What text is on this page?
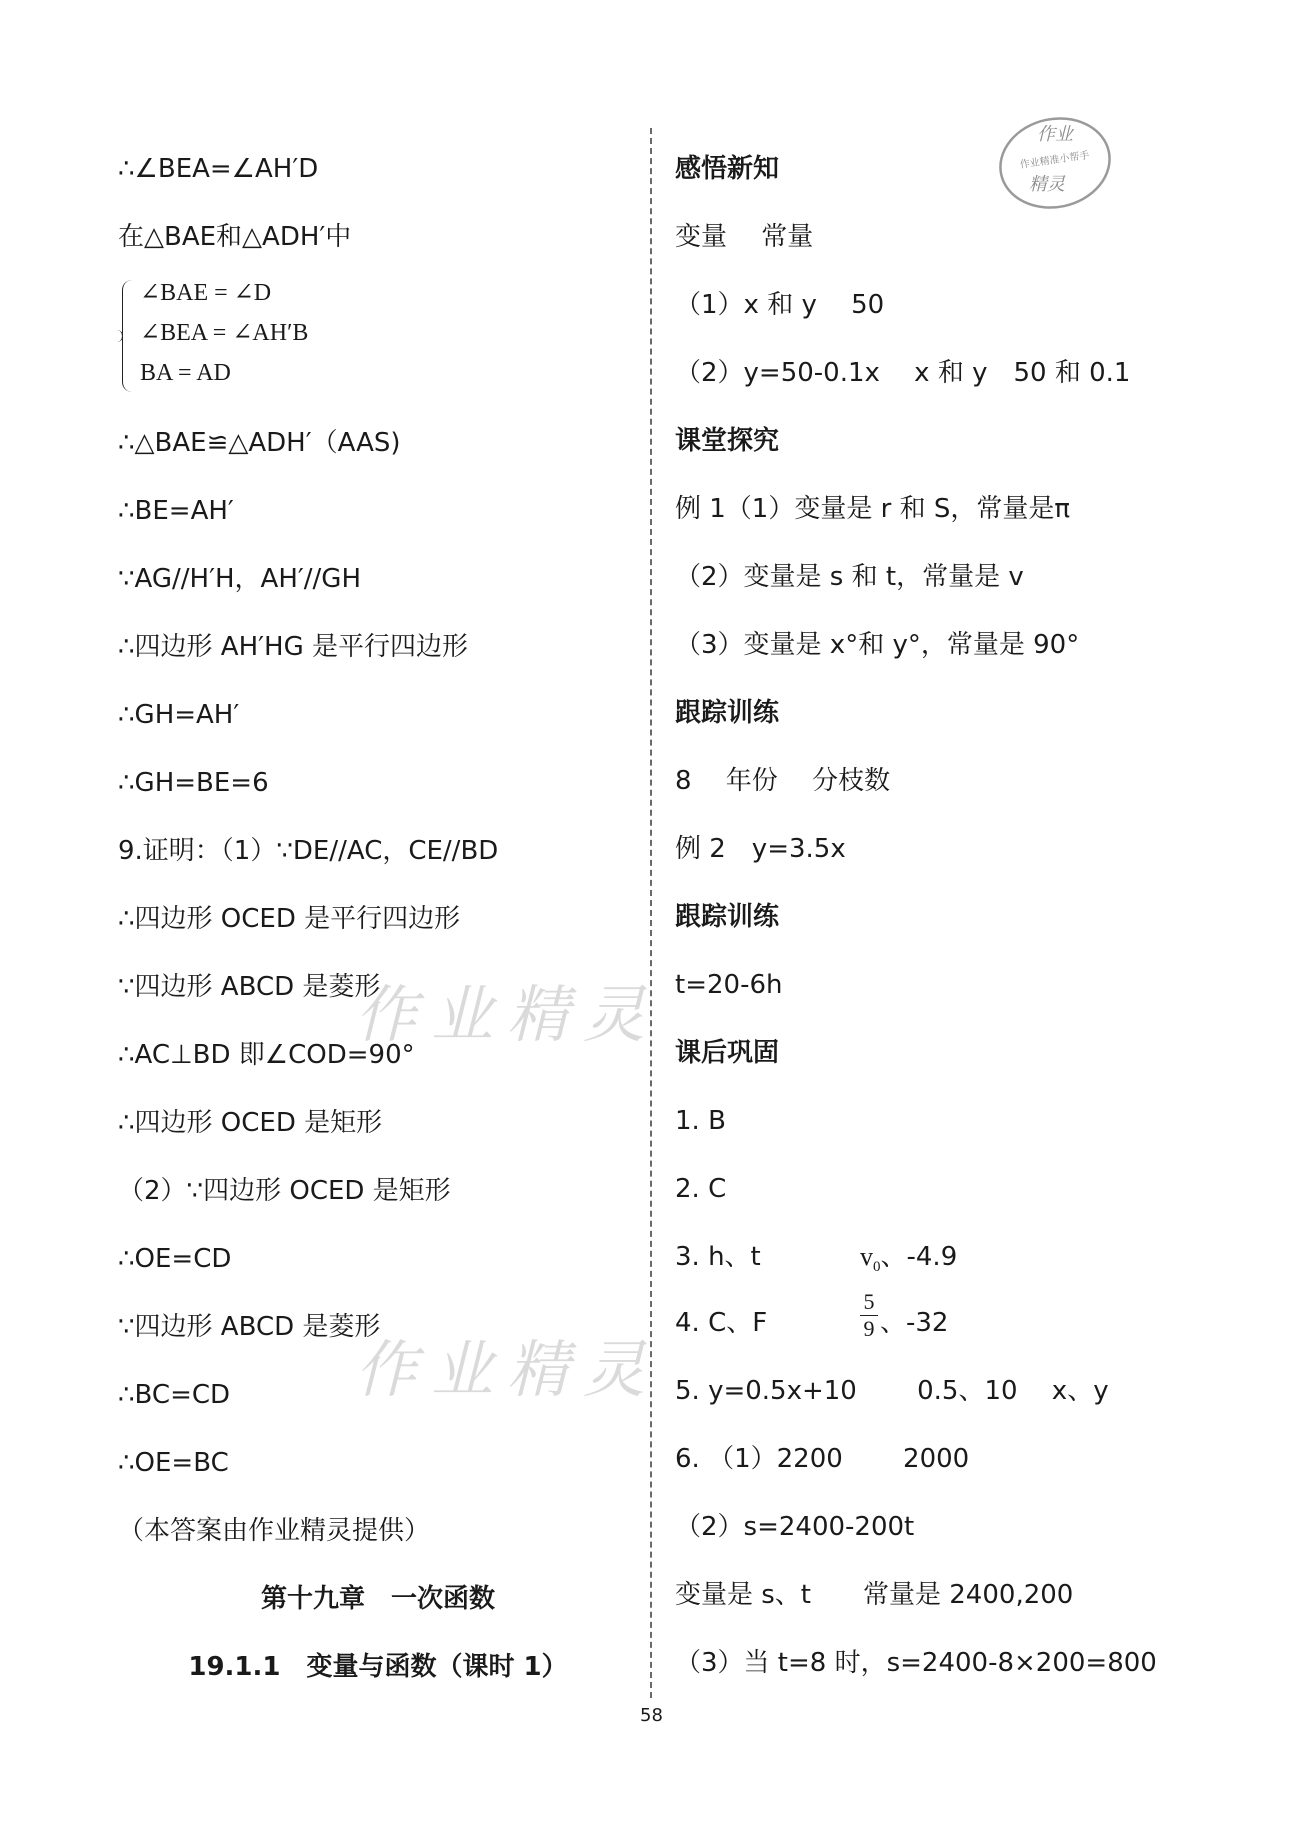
∴∠BEA=∠AH′D
在△BAE和△ADH′中
∠BAE = ∠D
∠BEA = ∠AH′B
BA = AD
∴△BAE≌△ADH′（AAS)
∴BE=AH′
∵AG//H′H，AH′//GH
∴四边形 AH′HG 是平行四边形
∴GH=AH′
∴GH=BE=6
9.证明：（1）∵DE//AC，CE//BD
∴四边形 OCED 是平行四边形
∵四边形 ABCD 是菱形
∴AC⊥BD 即∠COD=90°
∴四边形 OCED 是矩形
（2）∵四边形 OCED 是矩形
∴OE=CD
∵四边形 ABCD 是菱形
∴BC=CD
∴OE=BC
（本答案由作业精灵提供）
第十九章　一次函数
19.1.1　变量与函数（课时 1）
感悟新知
变量　 常量
（1）x 和 y　 50
（2）y=50-0.1x　 x 和 y　50 和 0.1
课堂探究
例 1（1）变量是 r 和 S，常量是π
（2）变量是 s 和 t，常量是 v
（3）变量是 x°和 y°，常量是 90°
跟踪训练
8　 年份　 分枝数
例 2　y=3.5x
跟踪训练
t=20-6h
课后巩固
1. B
2. C
3. h、t	$v_0$、-4.9
4. C、F
5
9 、-32
5. y=0.5x+10　　 0.5、10　 x、y
6. （1）2200　　 2000
（2）s=2400-200t
变量是 s、t　　常量是 2400,200
（3）当 t=8 时，s=2400-8×200=800
作业精灵
作业精灵
作业
作业精准小帮手
精灵
58
